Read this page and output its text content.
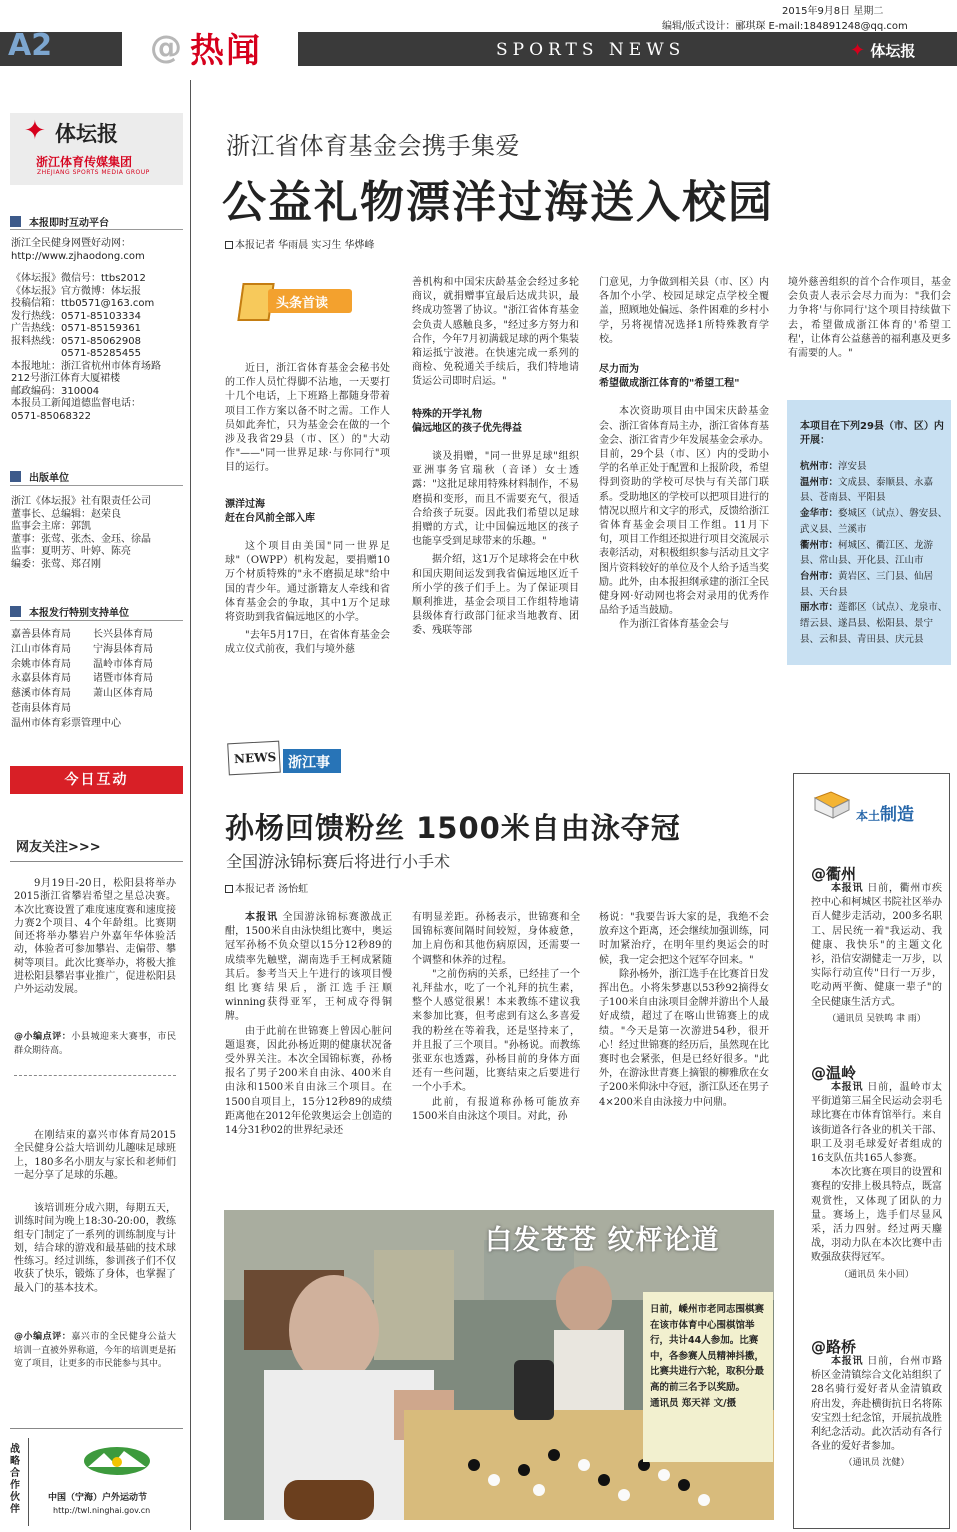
2015年9月8日 星期二
编辑/版式设计：郦琪琛 E-mail:184891248@qq.com
A2	@ 热闻	SPORTS NEWS	✦ 体坛报
✦ 体坛报
浙江体育传媒集团
ZHEJIANG SPORTS MEDIA GROUP
本报即时互动平台
浙江全民健身网暨好动网：
http://www.zjhaodong.com
《体坛报》微信号：ttbs2012
《体坛报》官方微博：体坛报
投稿信箱：ttb0571@163.com
发行热线：0571-85103334
广告热线：0571-85159361
报料热线：0571-85062908
　　　　　0571-85285455
本报地址：浙江省杭州市体育场路
212号浙江体育大厦裙楼
邮政编码：310004
本报员工新闻道德监督电话：
0571-85068322
出版单位
浙江《体坛报》社有限责任公司
董事长、总编辑：赵荣良
监事会主席：郭凯
董事：张莺、张杰、金珏、徐晶
监事：夏明芳、叶婷、陈亮
编委：张莺、郑召刚
本报发行特别支持单位
嘉善县体育局	长兴县体育局
江山市体育局	宁海县体育局
余姚市体育局	温岭市体育局
永嘉县体育局	诸暨市体育局
慈溪市体育局	萧山区体育局
苍南县体育局
温州市体育彩票管理中心
今日互动
网友关注>>>
9月19日-20日，松阳县将举办2015浙江省攀岩希望之星总决赛。本次比赛设置了难度速度赛和速度接力赛2个项目、4个年龄组。比赛期间还将举办攀岩户外嘉年华体验活动，体验者可参加攀岩、走偏带、攀树等项目。此次比赛举办，将极大推进松阳县攀岩事业推广，促进松阳县户外运动发展。
@小编点评：小县城迎来大赛事，市民群众期待高。
在刚结束的嘉兴市体育局2015全民健身公益大培训幼儿趣味足球班上，180多名小朋友与家长和老师们一起分享了足球的乐趣。
该培训班分成六期，每期五天，训练时间为晚上18:30-20:00，教练组专门制定了一系列的训练制度与计划，结合球的游戏和最基础的技术球性练习。经过训练，参训孩子们不仅收获了快乐，锻炼了身体，也掌握了最入门的基本技术。
@小编点评：嘉兴市的全民健身公益大培训一直被外界称道，今年的培训更是拓宽了项目，让更多的市民能参与其中。
战略合作伙伴
中国（宁海）户外运动节
http://twl.ninghai.gov.cn
浙江省体育基金会携手集爱
公益礼物漂洋过海送入校园
本报记者 华雨晨 实习生 华烨峰
头条首读

近日，浙江省体育基金会秘书处的工作人员忙得脚不沾地，一天要打十几个电话，上下班路上都随身带着项目工作方案以备不时之需。工作人员如此奔忙，只为基金会在做的一个涉及我省29县（市、区）的"大动作"——"同一世界足球·与你同行"项目的运行。

漂洋过海
赶在台风前全部入库

这个项目由美国"同一世界足球"（OWPP）机构发起，要捐赠10万个材质特殊的"永不磨损足球"给中国的青少年。通过浙籍友人牵线和省体育基金会的争取，其中1万个足球将资助到我省偏远地区的小学。

"去年5月17日，在省体育基金会成立仪式前夜，我们与境外慈

善机构和中国宋庆龄基金会经过多轮商议，就捐赠事宜最后达成共识，最终成功签署了协议。"浙江省体育基金会负责人感触良多，"经过多方努力和合作，今年7月初满载足球的两个集装箱运抵宁波港。在快速完成一系列的商检、免税通关手续后，我们特地请货运公司即时启运。"

特殊的开学礼物
偏远地区的孩子优先得益

谈及捐赠，"同一世界足球"组织亚洲事务官瑞秋（音译）女士透露："这批足球用特殊材料制作，不易磨损和变形，而且不需要充气，很适合给孩子玩耍。因此我们希望以足球捐赠的方式，让中国偏远地区的孩子也能享受到足球带来的乐趣。"

据介绍，这1万个足球将会在中秋和国庆期间运发到我省偏远地区近千所小学的孩子们手上。为了保证项目顺利推进，基金会项目工作组特地请县级体育行政部门征求当地教育、团委、残联等部

门意见，力争做到相关县（市、区）内各加个小学、校园足球定点学校全覆盖，照顾地处偏远、条件困难的乡村小学，另将视情况选择1所特殊教育学校。

尽力而为
希望做成浙江体育的"希望工程"

本次资助项目由中国宋庆龄基金会、浙江省体育局主办，浙江省体育基金会、浙江省青少年发展基金会承办。目前，29个县（市、区）内的受助小学的名单正处于配置和上报阶段，希望得到资助的学校可尽快与有关部门联系。受助地区的学校可以把项目进行的情况以照片和文字的形式，反馈给浙江省体育基金会项目工作组。11月下旬，项目工作组还拟进行项目交流展示表彰活动，对积极组织参与活动且文字图片资料较好的单位及个人给予适当奖励。此外，由本报担纲承建的浙江全民健身网·好动网也将会对录用的优秀作品给予适当鼓励。

作为浙江省体育基金会与

境外慈善组织的首个合作项目，基金会负责人表示会尽力而为："我们会力争将'与你同行'这个项目持续做下去，希望做成浙江体育的'希望工程'，让体育公益慈善的福利惠及更多有需要的人。"

本项目在下列29县（市、区）内开展：
杭州市：淳安县
温州市：文成县、泰顺县、永嘉县、苍南县、平阳县
金华市：婺城区（试点）、磐安县、武义县、兰溪市
衢州市：柯城区、衢江区、龙游县、常山县、开化县、江山市
台州市：黄岩区、三门县、仙居县、天台县
丽水市：莲都区（试点）、龙泉市、缙云县、遂昌县、松阳县、景宁县、云和县、青田县、庆元县
NEWS 浙江事
孙杨回馈粉丝 1500米自由泳夺冠
全国游泳锦标赛后将进行小手术
本报记者 汤怡虹

本报讯 全国游泳锦标赛激战正酣，1500米自由泳快组比赛中，奥运冠军孙杨不负众望以15分12秒89的成绩率先触壁，湖南选手王柯成紧随其后。参考当天上午进行的该项目慢组比赛结果后，浙江选手汪顺winning获得亚军，王柯成夺得铜牌。

由于此前在世锦赛上曾因心脏问题退赛，因此孙杨近期的健康状况备受外界关注。本次全国锦标赛，孙杨报名了男子200米自由泳、400米自由泳和1500米自由泳三个项目。在1500自项目上，15分12秒89的成绩距离他在2012年伦敦奥运会上创造的14分31秒02的世界纪录还

有明显差距。孙杨表示，世锦赛和全国锦标赛间隔时间较短，身体疲惫，加上肩伤和其他伤病原因，还需要一个调整和休养的过程。

"之前伤病的关系，已经挂了一个礼拜盐水，吃了一个礼拜的抗生素，整个人感觉很累！本来教练不建议我来参加比赛，但考虑到有这么多喜爱我的粉丝在等着我，还是坚持来了，并且报了三个项目。"孙杨说。而教练张亚东也透露，孙杨目前的身体方面还有一些问题，比赛结束之后要进行一个小手术。

此前，有报道称孙杨可能放弃1500米自由泳这个项目。对此，孙

杨说："我要告诉大家的是，我绝不会放弃这个距离，还会继续加强训练，同时加紧治疗，在明年里约奥运会的时候，我一定会把这个冠军夺回来。"

除孙杨外，浙江选手在比赛首日发挥出色。小将朱梦惠以53秒92摘得女子100米自由泳项目金牌并游出个人最好成绩，超过了在喀山世锦赛上的成绩。"今天是第一次游进54秒，很开心！经过世锦赛的经历后，虽然现在比赛时也会紧张，但是已经好很多。"此外，在游泳世青赛上摘银的柳雅欣在女子200米仰泳中夺冠，浙江队还在男子4×200米自由泳接力中问鼎。

白发苍苍 纹枰论道
日前，嵊州市老同志围棋赛在该市体育中心围棋馆举行，共计44人参加。比赛中，各参赛人员精神抖擞，比赛共进行六轮，取积分最高的前三名予以奖励。
通讯员 郑天祥 文/摄
本土制造
@衢州

本报讯 日前，衢州市疾控中心和柯城区书院社区举办百人健步走活动，200多名职工、居民统一着"我运动、我健康、我快乐"的主题文化衫，沿信安湖健走一万步，以实际行动宣传"日行一万步，吃动两平衡、健康一辈子"的全民健康生活方式。

（通讯员 吴铁鸣 聿 雨）
@温岭

本报讯 日前，温岭市太平街道第三届全民运动会羽毛球比赛在市体育馆举行。来自该街道各行各业的机关干部、职工及羽毛球爱好者组成的16支队伍共165人参赛。

本次比赛在项目的设置和赛程的安排上极具特点，既富观赏性，又体现了团队的力量。赛场上，选手们尽显风采，活力四射。经过两天鏖战，羽动力队在本次比赛中击败强敌获得冠军。

（通讯员 朱小回）
@路桥

本报讯 日前，台州市路桥区金清镇综合文化站组织了28名骑行爱好者从金清镇政府出发，奔赴横街抗日名将陈安宝烈士纪念馆，开展抗战胜利纪念活动。此次活动有各行各业的爱好者参加。

（通讯员 沈健）
